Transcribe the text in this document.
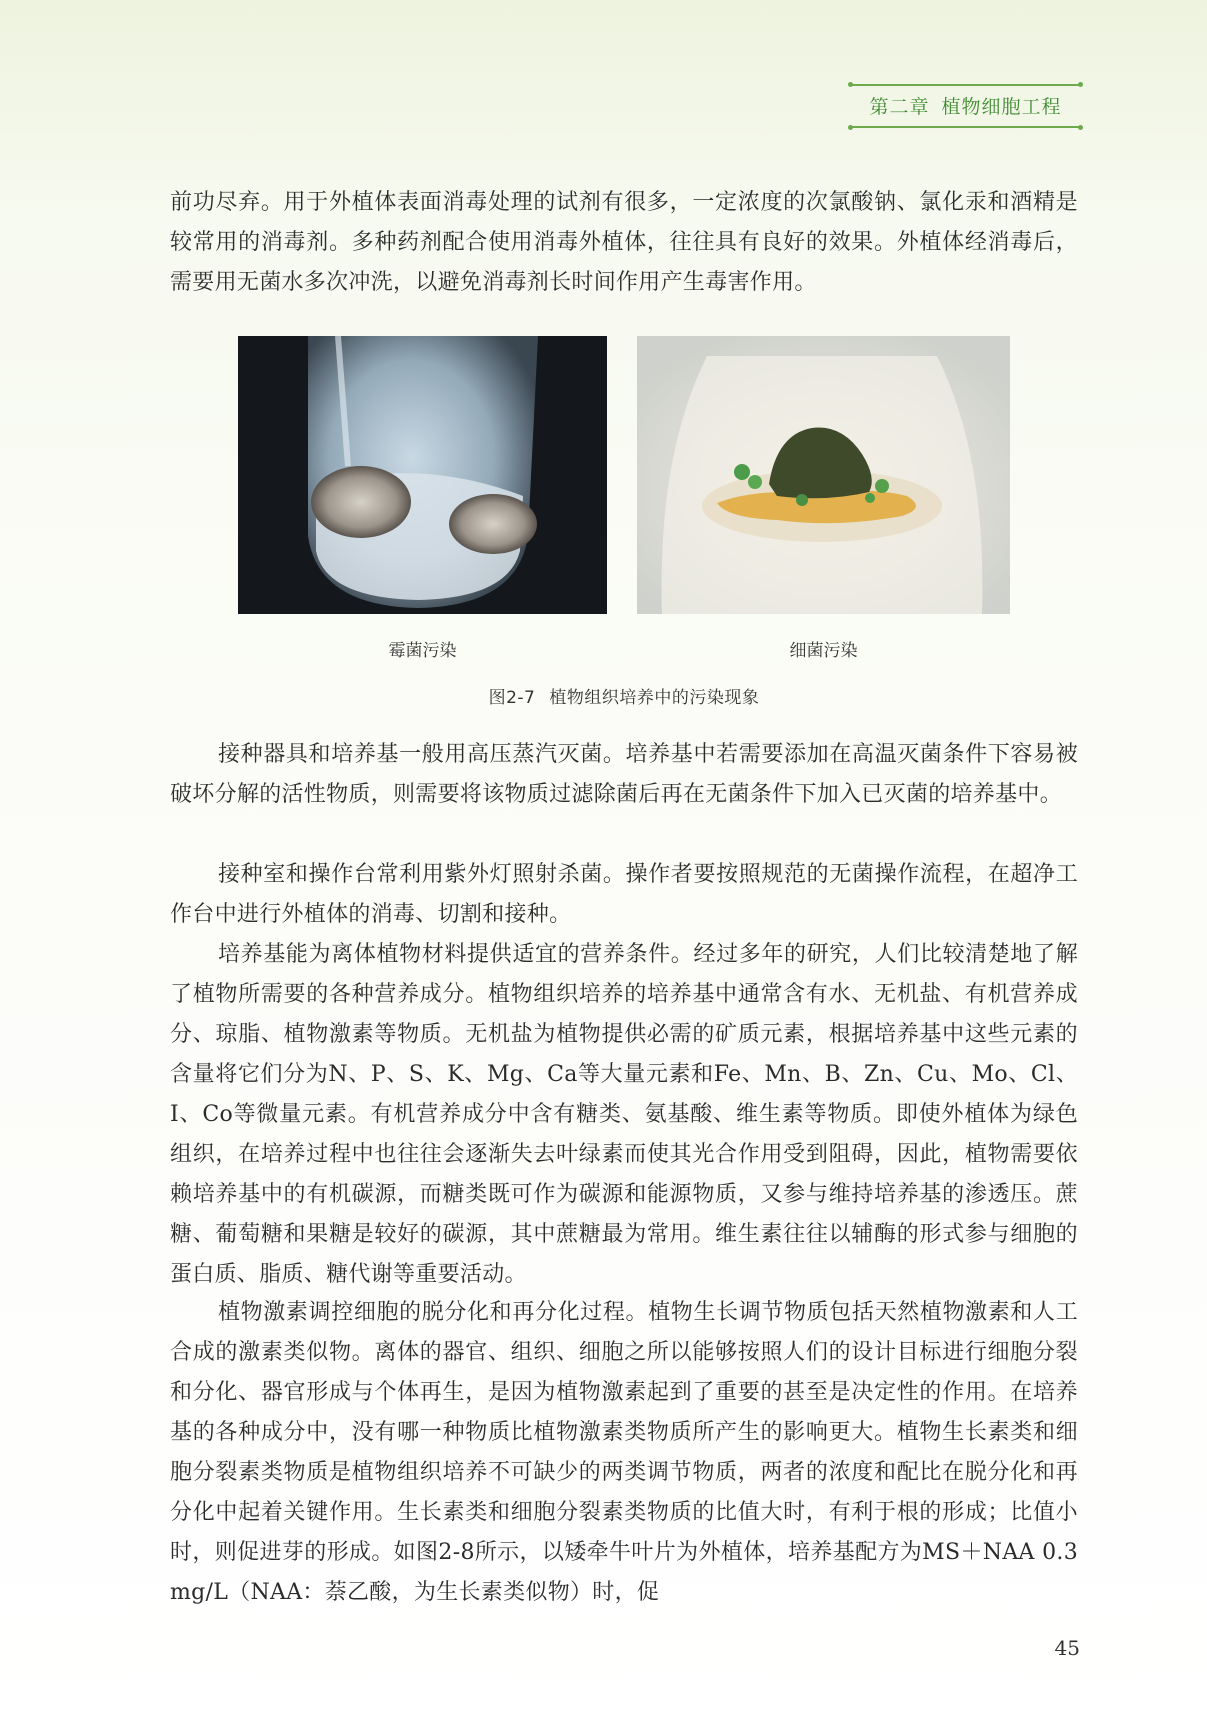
第二章 植物细胞工程

前功尽弃。用于外植体表面消毒处理的试剂有很多，一定浓度的次氯酸钠、氯化汞和酒精是较常用的消毒剂。多种药剂配合使用消毒外植体，往往具有良好的效果。外植体经消毒后，需要用无菌水多次冲洗，以避免消毒剂长时间作用产生毒害作用。

霉菌污染	细菌污染
图2-7 植物组织培养中的污染现象

接种器具和培养基一般用高压蒸汽灭菌。培养基中若需要添加在高温灭菌条件下容易被破坏分解的活性物质，则需要将该物质过滤除菌后再在无菌条件下加入已灭菌的培养基中。

接种室和操作台常利用紫外灯照射杀菌。操作者要按照规范的无菌操作流程，在超净工作台中进行外植体的消毒、切割和接种。

培养基能为离体植物材料提供适宜的营养条件。经过多年的研究，人们比较清楚地了解了植物所需要的各种营养成分。植物组织培养的培养基中通常含有水、无机盐、有机营养成分、琼脂、植物激素等物质。无机盐为植物提供必需的矿质元素，根据培养基中这些元素的含量将它们分为N、P、S、K、Mg、Ca等大量元素和Fe、Mn、B、Zn、Cu、Mo、Cl、I、Co等微量元素。有机营养成分中含有糖类、氨基酸、维生素等物质。即使外植体为绿色组织，在培养过程中也往往会逐渐失去叶绿素而使其光合作用受到阻碍，因此，植物需要依赖培养基中的有机碳源，而糖类既可作为碳源和能源物质，又参与维持培养基的渗透压。蔗糖、葡萄糖和果糖是较好的碳源，其中蔗糖最为常用。维生素往往以辅酶的形式参与细胞的蛋白质、脂质、糖代谢等重要活动。

植物激素调控细胞的脱分化和再分化过程。植物生长调节物质包括天然植物激素和人工合成的激素类似物。离体的器官、组织、细胞之所以能够按照人们的设计目标进行细胞分裂和分化、器官形成与个体再生，是因为植物激素起到了重要的甚至是决定性的作用。在培养基的各种成分中，没有哪一种物质比植物激素类物质所产生的影响更大。植物生长素类和细胞分裂素类物质是植物组织培养不可缺少的两类调节物质，两者的浓度和配比在脱分化和再分化中起着关键作用。生长素类和细胞分裂素类物质的比值大时，有利于根的形成；比值小时，则促进芽的形成。如图2-8所示，以矮牵牛叶片为外植体，培养基配方为MS＋NAA 0.3 mg/L（NAA：萘乙酸，为生长素类似物）时，促

45
